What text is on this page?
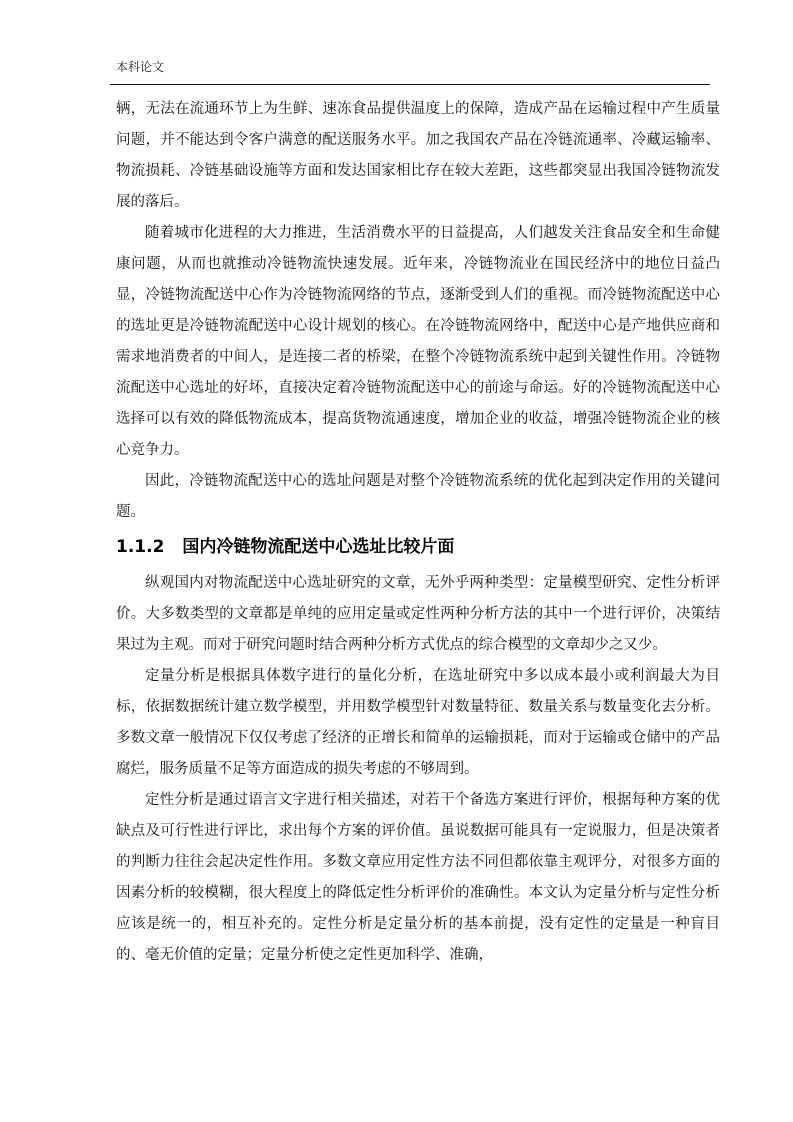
本科论文

辆，无法在流通环节上为生鲜、速冻食品提供温度上的保障，造成产品在运输过程中产生质量问题，并不能达到令客户满意的配送服务水平。加之我国农产品在冷链流通率、冷藏运输率、物流损耗、冷链基础设施等方面和发达国家相比存在较大差距，这些都突显出我国冷链物流发展的落后。

随着城市化进程的大力推进，生活消费水平的日益提高，人们越发关注食品安全和生命健康问题，从而也就推动冷链物流快速发展。近年来，冷链物流业在国民经济中的地位日益凸显，冷链物流配送中心作为冷链物流网络的节点，逐渐受到人们的重视。而冷链物流配送中心的选址更是冷链物流配送中心设计规划的核心。在冷链物流网络中，配送中心是产地供应商和需求地消费者的中间人，是连接二者的桥梁，在整个冷链物流系统中起到关键性作用。冷链物流配送中心选址的好坏，直接决定着冷链物流配送中心的前途与命运。好的冷链物流配送中心选择可以有效的降低物流成本，提高货物流通速度，增加企业的收益，增强冷链物流企业的核心竞争力。

因此，冷链物流配送中心的选址问题是对整个冷链物流系统的优化起到决定作用的关键问题。

1.1.2 国内冷链物流配送中心选址比较片面

纵观国内对物流配送中心选址研究的文章，无外乎两种类型：定量模型研究、定性分析评价。大多数类型的文章都是单纯的应用定量或定性两种分析方法的其中一个进行评价，决策结果过为主观。而对于研究问题时结合两种分析方式优点的综合模型的文章却少之又少。

定量分析是根据具体数字进行的量化分析，在选址研究中多以成本最小或利润最大为目标，依据数据统计建立数学模型，并用数学模型针对数量特征、数量关系与数量变化去分析。多数文章一般情况下仅仅考虑了经济的正增长和简单的运输损耗，而对于运输或仓储中的产品腐烂，服务质量不足等方面造成的损失考虑的不够周到。

定性分析是通过语言文字进行相关描述，对若干个备选方案进行评价，根据每种方案的优缺点及可行性进行评比，求出每个方案的评价值。虽说数据可能具有一定说服力，但是决策者的判断力往往会起决定性作用。多数文章应用定性方法不同但都依靠主观评分，对很多方面的因素分析的较模糊，很大程度上的降低定性分析评价的准确性。本文认为定量分析与定性分析应该是统一的，相互补充的。定性分析是定量分析的基本前提，没有定性的定量是一种盲目的、毫无价值的定量；定量分析使之定性更加科学、准确，
